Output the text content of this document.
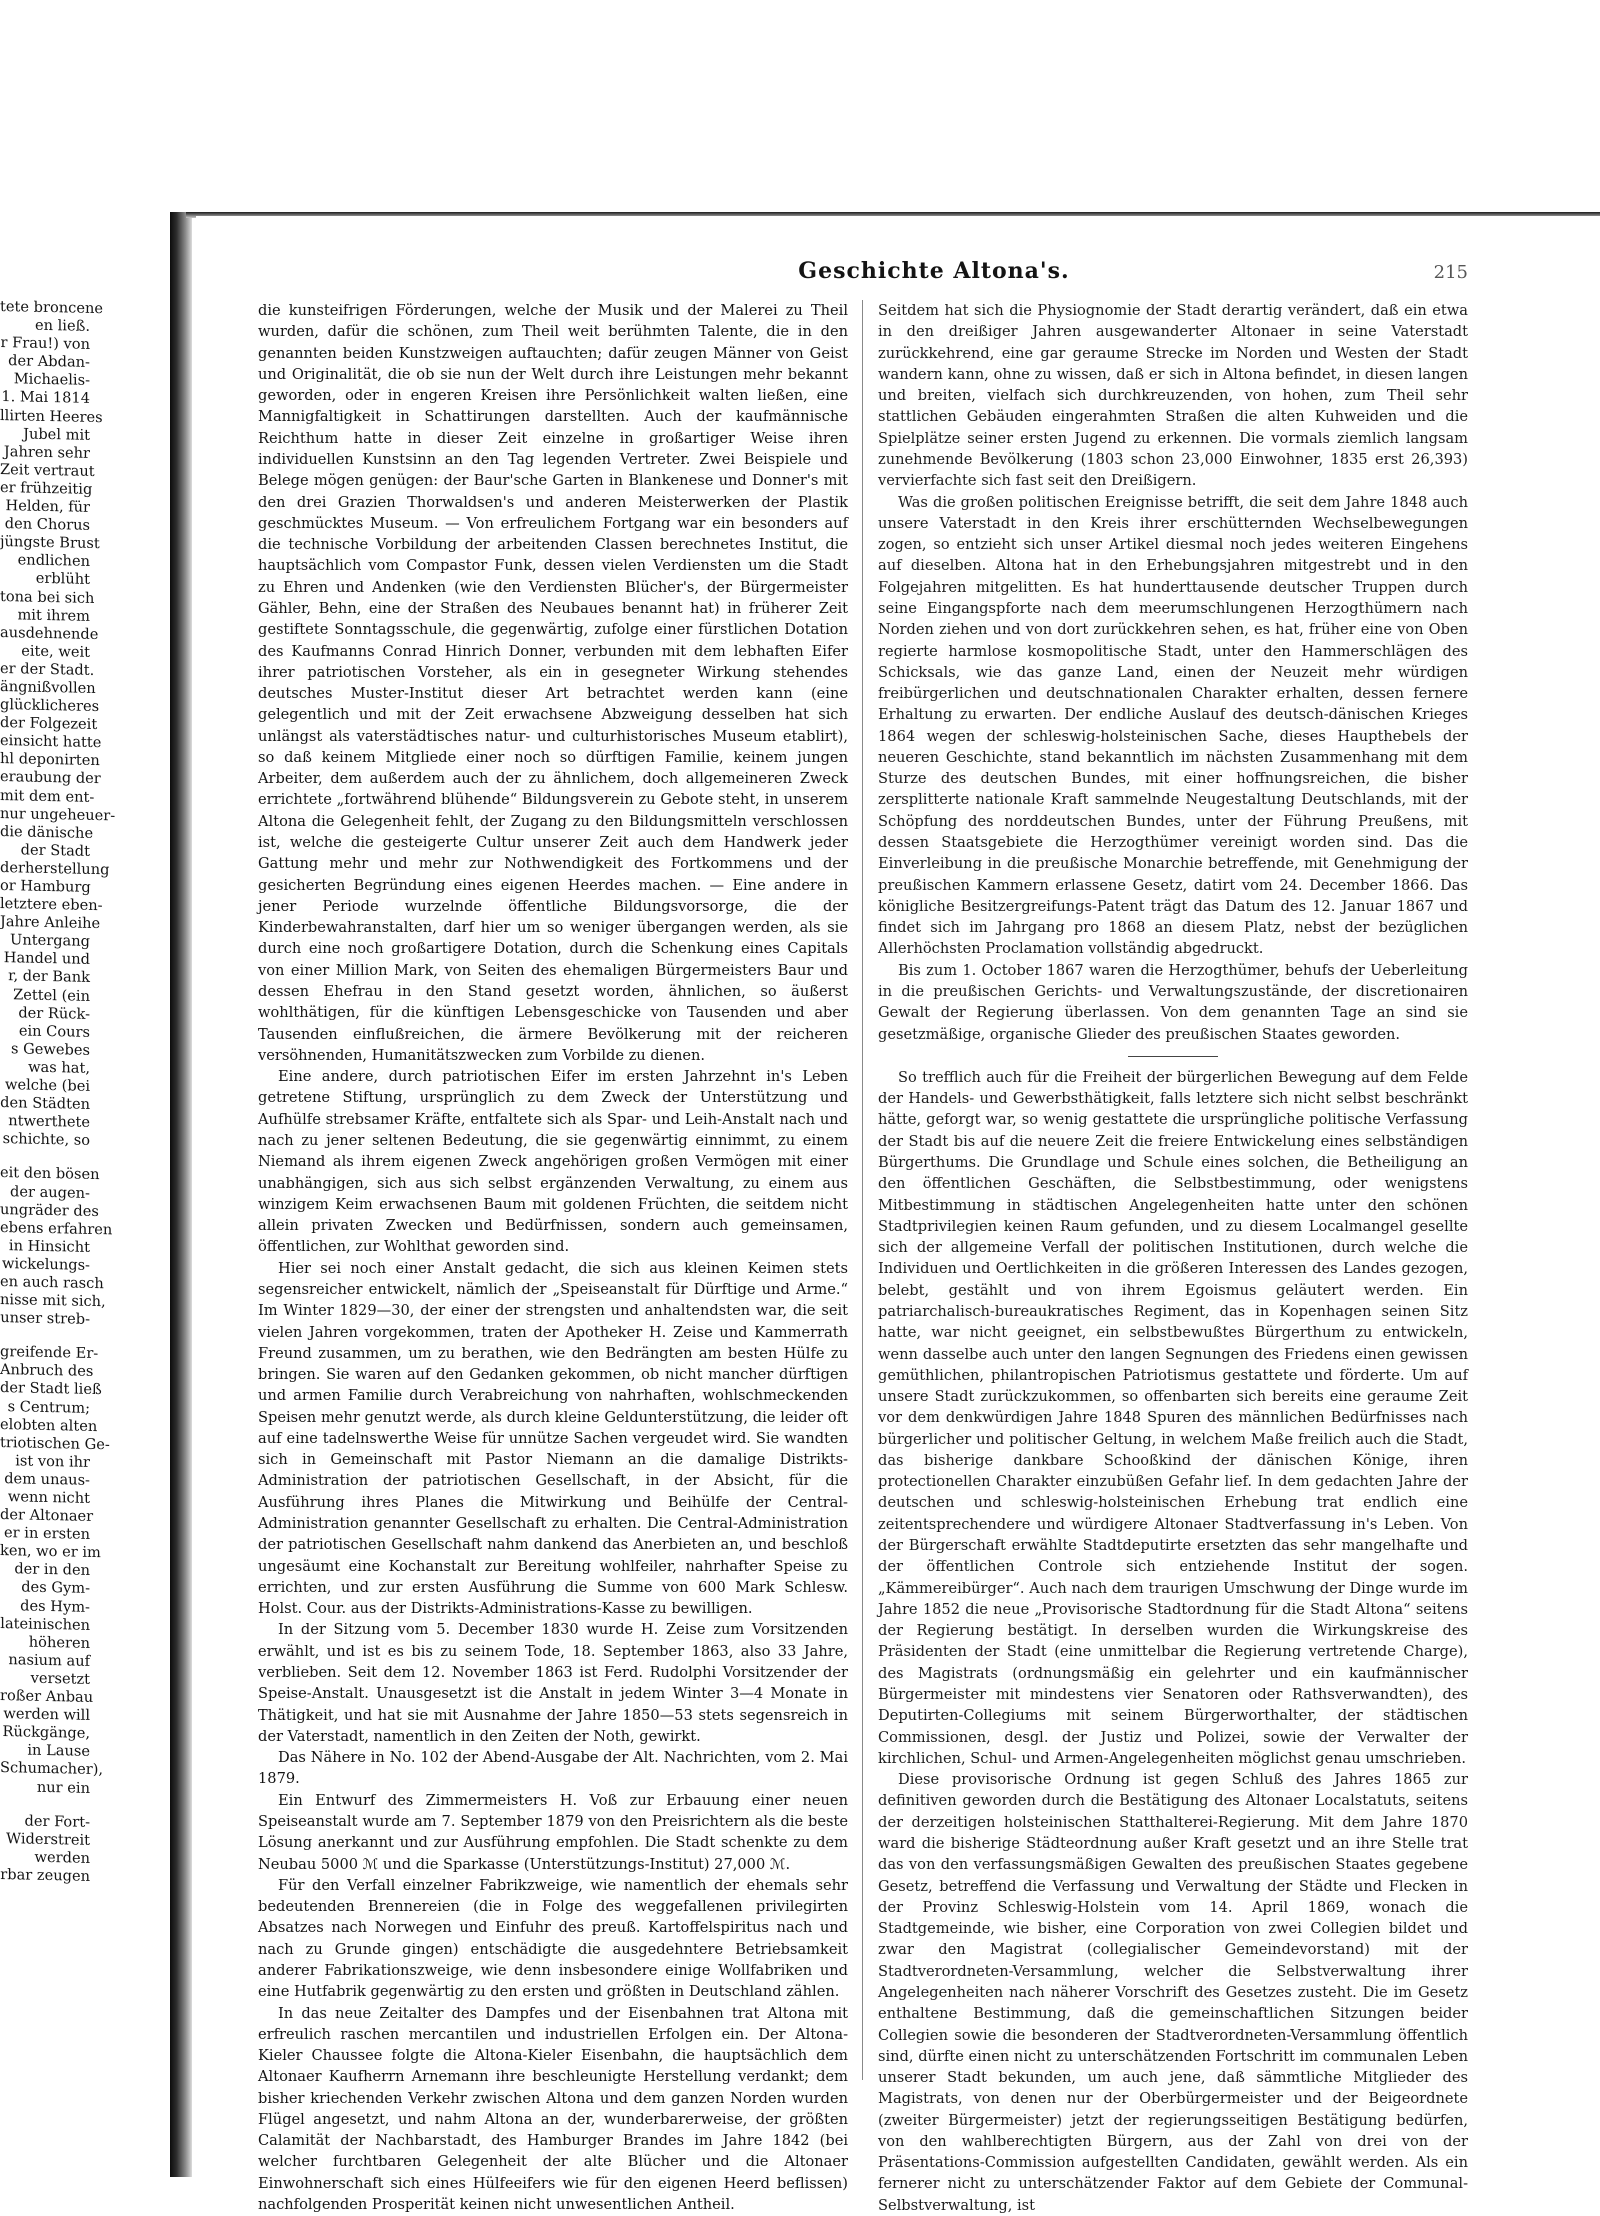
tete broncene
en ließ.
r Frau!) von
der Abdan-
Michaelis-
1. Mai 1814
llirten Heeres
Jubel mit
Jahren sehr
Zeit vertraut
er frühzeitig
Helden, für
den Chorus
jüngste Brust
endlichen
erblüht
tona bei sich
mit ihrem
ausdehnende
eite, weit
er der Stadt.
ängnißvollen
glücklicheres
der Folgezeit
einsicht hatte
hl deponirten
eraubung der
mit dem ent-
nur ungeheuer-
die dänische
der Stadt
derherstellung
or Hamburg
letztere eben-
Jahre Anleihe
Untergang
Handel und
r, der Bank
Zettel (ein
der Rück-
ein Cours
s Gewebes
was hat,
welche (bei
den Städten
ntwerthete
schichte, so
eit den bösen
der augen-
ungräder des
ebens erfahren
in Hinsicht
wickelungs-
en auch rasch
nisse mit sich,
unser streb-
greifende Er-
Anbruch des
der Stadt ließ
s Centrum;
elobten alten
triotischen Ge-
ist von ihr
dem unaus-
wenn nicht
der Altonaer
er in ersten
ken, wo er im
der in den
des Gym-
des Hym-
lateinischen
höheren
nasium auf
versetzt
roßer Anbau
werden will
Rückgänge,
in Lause
Schumacher),
nur ein
der Fort-
Widerstreit
werden
rbar zeugen
Geschichte Altona's.	215

die kunsteifrigen Förderungen, welche der Musik und der Malerei zu Theil wurden, dafür die schönen, zum Theil weit berühmten Talente, die in den genannten beiden Kunstzweigen auftauchten; dafür zeugen Männer von Geist und Originalität, die ob sie nun der Welt durch ihre Leistungen mehr bekannt geworden, oder in engeren Kreisen ihre Persönlichkeit walten ließen, eine Mannigfaltigkeit in Schattirungen darstellten. Auch der kaufmännische Reichthum hatte in dieser Zeit einzelne in großartiger Weise ihren individuellen Kunstsinn an den Tag legenden Vertreter. Zwei Beispiele und Belege mögen genügen: der Baur'sche Garten in Blankenese und Donner's mit den drei Grazien Thorwaldsen's und anderen Meisterwerken der Plastik geschmücktes Museum. — Von erfreulichem Fortgang war ein besonders auf die technische Vorbildung der arbeitenden Classen berechnetes Institut, die hauptsächlich vom Compastor Funk, dessen vielen Verdiensten um die Stadt zu Ehren und Andenken (wie den Verdiensten Blücher's, der Bürgermeister Gähler, Behn, eine der Straßen des Neubaues benannt hat) in früherer Zeit gestiftete Sonntagsschule, die gegenwärtig, zufolge einer fürstlichen Dotation des Kaufmanns Conrad Hinrich Donner, verbunden mit dem lebhaften Eifer ihrer patriotischen Vorsteher, als ein in gesegneter Wirkung stehendes deutsches Muster-Institut dieser Art betrachtet werden kann (eine gelegentlich und mit der Zeit erwachsene Abzweigung desselben hat sich unlängst als vaterstädtisches natur- und culturhistorisches Museum etablirt), so daß keinem Mitgliede einer noch so dürftigen Familie, keinem jungen Arbeiter, dem außerdem auch der zu ähnlichem, doch allgemeineren Zweck errichtete „fortwährend blühende“ Bildungsverein zu Gebote steht, in unserem Altona die Gelegenheit fehlt, der Zugang zu den Bildungsmitteln verschlossen ist, welche die gesteigerte Cultur unserer Zeit auch dem Handwerk jeder Gattung mehr und mehr zur Nothwendigkeit des Fortkommens und der gesicherten Begründung eines eigenen Heerdes machen. — Eine andere in jener Periode wurzelnde öffentliche Bildungsvorsorge, die der Kinderbewahranstalten, darf hier um so weniger übergangen werden, als sie durch eine noch großartigere Dotation, durch die Schenkung eines Capitals von einer Million Mark, von Seiten des ehemaligen Bürgermeisters Baur und dessen Ehefrau in den Stand gesetzt worden, ähnlichen, so äußerst wohlthätigen, für die künftigen Lebensgeschicke von Tausenden und aber Tausenden einflußreichen, die ärmere Bevölkerung mit der reicheren versöhnenden, Humanitätszwecken zum Vorbilde zu dienen.

Eine andere, durch patriotischen Eifer im ersten Jahrzehnt in's Leben getretene Stiftung, ursprünglich zu dem Zweck der Unterstützung und Aufhülfe strebsamer Kräfte, entfaltete sich als Spar- und Leih-Anstalt nach und nach zu jener seltenen Bedeutung, die sie gegenwärtig einnimmt, zu einem Niemand als ihrem eigenen Zweck angehörigen großen Vermögen mit einer unabhängigen, sich aus sich selbst ergänzenden Verwaltung, zu einem aus winzigem Keim erwachsenen Baum mit goldenen Früchten, die seitdem nicht allein privaten Zwecken und Bedürfnissen, sondern auch gemeinsamen, öffentlichen, zur Wohlthat geworden sind.

Hier sei noch einer Anstalt gedacht, die sich aus kleinen Keimen stets segensreicher entwickelt, nämlich der „Speiseanstalt für Dürftige und Arme.“ Im Winter 1829—30, der einer der strengsten und anhaltendsten war, die seit vielen Jahren vorgekommen, traten der Apotheker H. Zeise und Kammerrath Freund zusammen, um zu berathen, wie den Bedrängten am besten Hülfe zu bringen. Sie waren auf den Gedanken gekommen, ob nicht mancher dürftigen und armen Familie durch Verabreichung von nahrhaften, wohlschmeckenden Speisen mehr genutzt werde, als durch kleine Geldunterstützung, die leider oft auf eine tadelnswerthe Weise für unnütze Sachen vergeudet wird. Sie wandten sich in Gemeinschaft mit Pastor Niemann an die damalige Distrikts-Administration der patriotischen Gesellschaft, in der Absicht, für die Ausführung ihres Planes die Mitwirkung und Beihülfe der Central-Administration genannter Gesellschaft zu erhalten. Die Central-Administration der patriotischen Gesellschaft nahm dankend das Anerbieten an, und beschloß ungesäumt eine Kochanstalt zur Bereitung wohlfeiler, nahrhafter Speise zu errichten, und zur ersten Ausführung die Summe von 600 Mark Schlesw. Holst. Cour. aus der Distrikts-Administrations-Kasse zu bewilligen.

In der Sitzung vom 5. December 1830 wurde H. Zeise zum Vorsitzenden erwählt, und ist es bis zu seinem Tode, 18. September 1863, also 33 Jahre, verblieben. Seit dem 12. November 1863 ist Ferd. Rudolphi Vorsitzender der Speise-Anstalt. Unausgesetzt ist die Anstalt in jedem Winter 3—4 Monate in Thätigkeit, und hat sie mit Ausnahme der Jahre 1850—53 stets segensreich in der Vaterstadt, namentlich in den Zeiten der Noth, gewirkt.

Das Nähere in No. 102 der Abend-Ausgabe der Alt. Nachrichten, vom 2. Mai 1879.

Ein Entwurf des Zimmermeisters H. Voß zur Erbauung einer neuen Speiseanstalt wurde am 7. September 1879 von den Preisrichtern als die beste Lösung anerkannt und zur Ausführung empfohlen. Die Stadt schenkte zu dem Neubau 5000 ℳ und die Sparkasse (Unterstützungs-Institut) 27,000 ℳ.

Für den Verfall einzelner Fabrikzweige, wie namentlich der ehemals sehr bedeutenden Brennereien (die in Folge des weggefallenen privilegirten Absatzes nach Norwegen und Einfuhr des preuß. Kartoffelspiritus nach und nach zu Grunde gingen) entschädigte die ausgedehntere Betriebsamkeit anderer Fabrikationszweige, wie denn insbesondere einige Wollfabriken und eine Hutfabrik gegenwärtig zu den ersten und größten in Deutschland zählen.

In das neue Zeitalter des Dampfes und der Eisenbahnen trat Altona mit erfreulich raschen mercantilen und industriellen Erfolgen ein. Der Altona-Kieler Chaussee folgte die Altona-Kieler Eisenbahn, die hauptsächlich dem Altonaer Kaufherrn Arnemann ihre beschleunigte Herstellung verdankt; dem bisher kriechenden Verkehr zwischen Altona und dem ganzen Norden wurden Flügel angesetzt, und nahm Altona an der, wunderbarerweise, der größten Calamität der Nachbarstadt, des Hamburger Brandes im Jahre 1842 (bei welcher furchtbaren Gelegenheit der alte Blücher und die Altonaer Einwohnerschaft sich eines Hülfeeifers wie für den eigenen Heerd beflissen) nachfolgenden Prosperität keinen nicht unwesentlichen Antheil.

Seitdem hat sich die Physiognomie der Stadt derartig verändert, daß ein etwa in den dreißiger Jahren ausgewanderter Altonaer in seine Vaterstadt zurückkehrend, eine gar geraume Strecke im Norden und Westen der Stadt wandern kann, ohne zu wissen, daß er sich in Altona befindet, in diesen langen und breiten, vielfach sich durchkreuzenden, von hohen, zum Theil sehr stattlichen Gebäuden eingerahmten Straßen die alten Kuhweiden und die Spielplätze seiner ersten Jugend zu erkennen. Die vormals ziemlich langsam zunehmende Bevölkerung (1803 schon 23,000 Einwohner, 1835 erst 26,393) vervierfachte sich fast seit den Dreißigern.

Was die großen politischen Ereignisse betrifft, die seit dem Jahre 1848 auch unsere Vaterstadt in den Kreis ihrer erschütternden Wechselbewegungen zogen, so entzieht sich unser Artikel diesmal noch jedes weiteren Eingehens auf dieselben. Altona hat in den Erhebungsjahren mitgestrebt und in den Folgejahren mitgelitten. Es hat hunderttausende deutscher Truppen durch seine Eingangspforte nach dem meerumschlungenen Herzogthümern nach Norden ziehen und von dort zurückkehren sehen, es hat, früher eine von Oben regierte harmlose kosmopolitische Stadt, unter den Hammerschlägen des Schicksals, wie das ganze Land, einen der Neuzeit mehr würdigen freibürgerlichen und deutschnationalen Charakter erhalten, dessen fernere Erhaltung zu erwarten. Der endliche Auslauf des deutsch-dänischen Krieges 1864 wegen der schleswig-holsteinischen Sache, dieses Haupthebels der neueren Geschichte, stand bekanntlich im nächsten Zusammenhang mit dem Sturze des deutschen Bundes, mit einer hoffnungsreichen, die bisher zersplitterte nationale Kraft sammelnde Neugestaltung Deutschlands, mit der Schöpfung des norddeutschen Bundes, unter der Führung Preußens, mit dessen Staatsgebiete die Herzogthümer vereinigt worden sind. Das die Einverleibung in die preußische Monarchie betreffende, mit Genehmigung der preußischen Kammern erlassene Gesetz, datirt vom 24. December 1866. Das königliche Besitzergreifungs-Patent trägt das Datum des 12. Januar 1867 und findet sich im Jahrgang pro 1868 an diesem Platz, nebst der bezüglichen Allerhöchsten Proclamation vollständig abgedruckt.

Bis zum 1. October 1867 waren die Herzogthümer, behufs der Ueberleitung in die preußischen Gerichts- und Verwaltungszustände, der discretionairen Gewalt der Regierung überlassen. Von dem genannten Tage an sind sie gesetzmäßige, organische Glieder des preußischen Staates geworden.

So trefflich auch für die Freiheit der bürgerlichen Bewegung auf dem Felde der Handels- und Gewerbsthätigkeit, falls letztere sich nicht selbst beschränkt hätte, geforgt war, so wenig gestattete die ursprüngliche politische Verfassung der Stadt bis auf die neuere Zeit die freiere Entwickelung eines selbständigen Bürgerthums. Die Grundlage und Schule eines solchen, die Betheiligung an den öffentlichen Geschäften, die Selbstbestimmung, oder wenigstens Mitbestimmung in städtischen Angelegenheiten hatte unter den schönen Stadtprivilegien keinen Raum gefunden, und zu diesem Localmangel gesellte sich der allgemeine Verfall der politischen Institutionen, durch welche die Individuen und Oertlichkeiten in die größeren Interessen des Landes gezogen, belebt, gestählt und von ihrem Egoismus geläutert werden. Ein patriarchalisch-bureaukratisches Regiment, das in Kopenhagen seinen Sitz hatte, war nicht geeignet, ein selbstbewußtes Bürgerthum zu entwickeln, wenn dasselbe auch unter den langen Segnungen des Friedens einen gewissen gemüthlichen, philantropischen Patriotismus gestattete und förderte. Um auf unsere Stadt zurückzukommen, so offenbarten sich bereits eine geraume Zeit vor dem denkwürdigen Jahre 1848 Spuren des männlichen Bedürfnisses nach bürgerlicher und politischer Geltung, in welchem Maße freilich auch die Stadt, das bisherige dankbare Schooßkind der dänischen Könige, ihren protectionellen Charakter einzubüßen Gefahr lief. In dem gedachten Jahre der deutschen und schleswig-holsteinischen Erhebung trat endlich eine zeitentsprechendere und würdigere Altonaer Stadtverfassung in's Leben. Von der Bürgerschaft erwählte Stadtdeputirte ersetzten das sehr mangelhafte und der öffentlichen Controle sich entziehende Institut der sogen. „Kämmereibürger“. Auch nach dem traurigen Umschwung der Dinge wurde im Jahre 1852 die neue „Provisorische Stadtordnung für die Stadt Altona“ seitens der Regierung bestätigt. In derselben wurden die Wirkungskreise des Präsidenten der Stadt (eine unmittelbar die Regierung vertretende Charge), des Magistrats (ordnungsmäßig ein gelehrter und ein kaufmännischer Bürgermeister mit mindestens vier Senatoren oder Rathsverwandten), des Deputirten-Collegiums mit seinem Bürgerworthalter, der städtischen Commissionen, desgl. der Justiz und Polizei, sowie der Verwalter der kirchlichen, Schul- und Armen-Angelegenheiten möglichst genau umschrieben.

Diese provisorische Ordnung ist gegen Schluß des Jahres 1865 zur definitiven geworden durch die Bestätigung des Altonaer Localstatuts, seitens der derzeitigen holsteinischen Statthalterei-Regierung. Mit dem Jahre 1870 ward die bisherige Städteordnung außer Kraft gesetzt und an ihre Stelle trat das von den verfassungsmäßigen Gewalten des preußischen Staates gegebene Gesetz, betreffend die Verfassung und Verwaltung der Städte und Flecken in der Provinz Schleswig-Holstein vom 14. April 1869, wonach die Stadtgemeinde, wie bisher, eine Corporation von zwei Collegien bildet und zwar den Magistrat (collegialischer Gemeindevorstand) mit der Stadtverordneten-Versammlung, welcher die Selbstverwaltung ihrer Angelegenheiten nach näherer Vorschrift des Gesetzes zusteht. Die im Gesetz enthaltene Bestimmung, daß die gemeinschaftlichen Sitzungen beider Collegien sowie die besonderen der Stadtverordneten-Versammlung öffentlich sind, dürfte einen nicht zu unterschätzenden Fortschritt im communalen Leben unserer Stadt bekunden, um auch jene, daß sämmtliche Mitglieder des Magistrats, von denen nur der Oberbürgermeister und der Beigeordnete (zweiter Bürgermeister) jetzt der regierungsseitigen Bestätigung bedürfen, von den wahlberechtigten Bürgern, aus der Zahl von drei von der Präsentations-Commission aufgestellten Candidaten, gewählt werden. Als ein fernerer nicht zu unterschätzender Faktor auf dem Gebiete der Communal-Selbstverwaltung, ist
